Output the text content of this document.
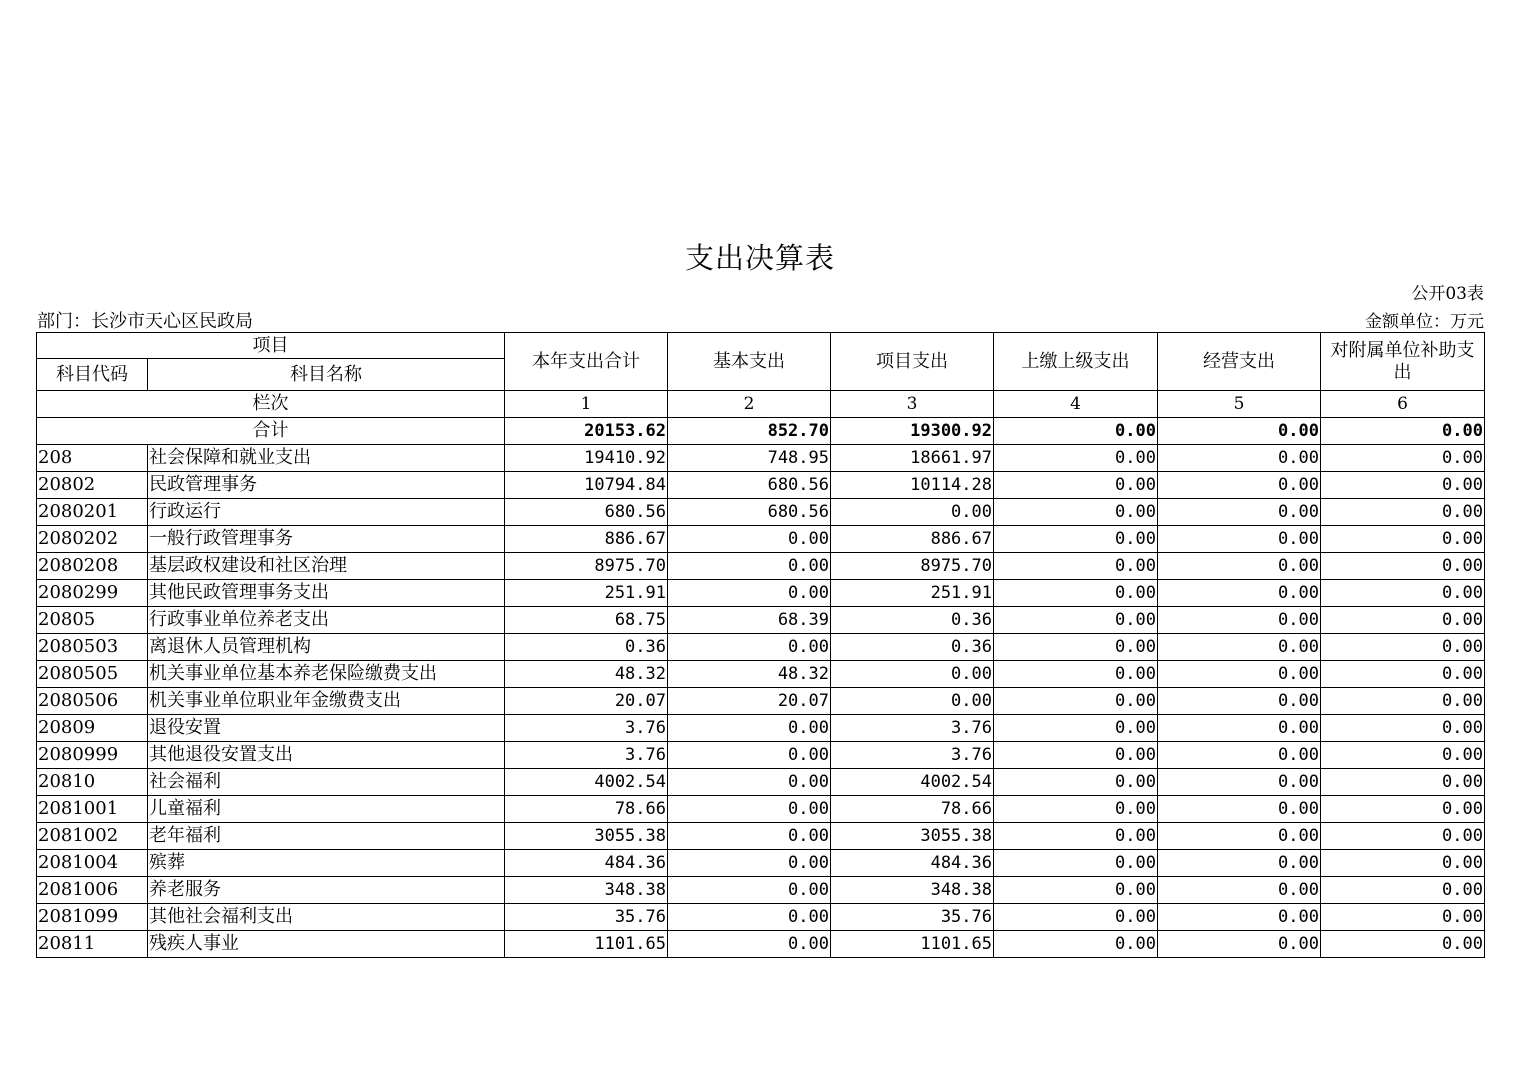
支出决算表
公开03表
部门：长沙市天心区民政局	金额单位：万元
项目		本年支出合计	基本支出	项目支出	上缴上级支出	经营支出	对附属单位补助支出
科目代码	科目名称						
栏次		1	2	3	4	5	6
合计		20153.62	852.70	19300.92	0.00	0.00	0.00
208	社会保障和就业支出	19410.92	748.95	18661.97	0.00	0.00	0.00
20802	民政管理事务	10794.84	680.56	10114.28	0.00	0.00	0.00
2080201	行政运行	680.56	680.56	0.00	0.00	0.00	0.00
2080202	一般行政管理事务	886.67	0.00	886.67	0.00	0.00	0.00
2080208	基层政权建设和社区治理	8975.70	0.00	8975.70	0.00	0.00	0.00
2080299	其他民政管理事务支出	251.91	0.00	251.91	0.00	0.00	0.00
20805	行政事业单位养老支出	68.75	68.39	0.36	0.00	0.00	0.00
2080503	离退休人员管理机构	0.36	0.00	0.36	0.00	0.00	0.00
2080505	机关事业单位基本养老保险缴费支出	48.32	48.32	0.00	0.00	0.00	0.00
2080506	机关事业单位职业年金缴费支出	20.07	20.07	0.00	0.00	0.00	0.00
20809	退役安置	3.76	0.00	3.76	0.00	0.00	0.00
2080999	其他退役安置支出	3.76	0.00	3.76	0.00	0.00	0.00
20810	社会福利	4002.54	0.00	4002.54	0.00	0.00	0.00
2081001	儿童福利	78.66	0.00	78.66	0.00	0.00	0.00
2081002	老年福利	3055.38	0.00	3055.38	0.00	0.00	0.00
2081004	殡葬	484.36	0.00	484.36	0.00	0.00	0.00
2081006	养老服务	348.38	0.00	348.38	0.00	0.00	0.00
2081099	其他社会福利支出	35.76	0.00	35.76	0.00	0.00	0.00
20811	残疾人事业	1101.65	0.00	1101.65	0.00	0.00	0.00
